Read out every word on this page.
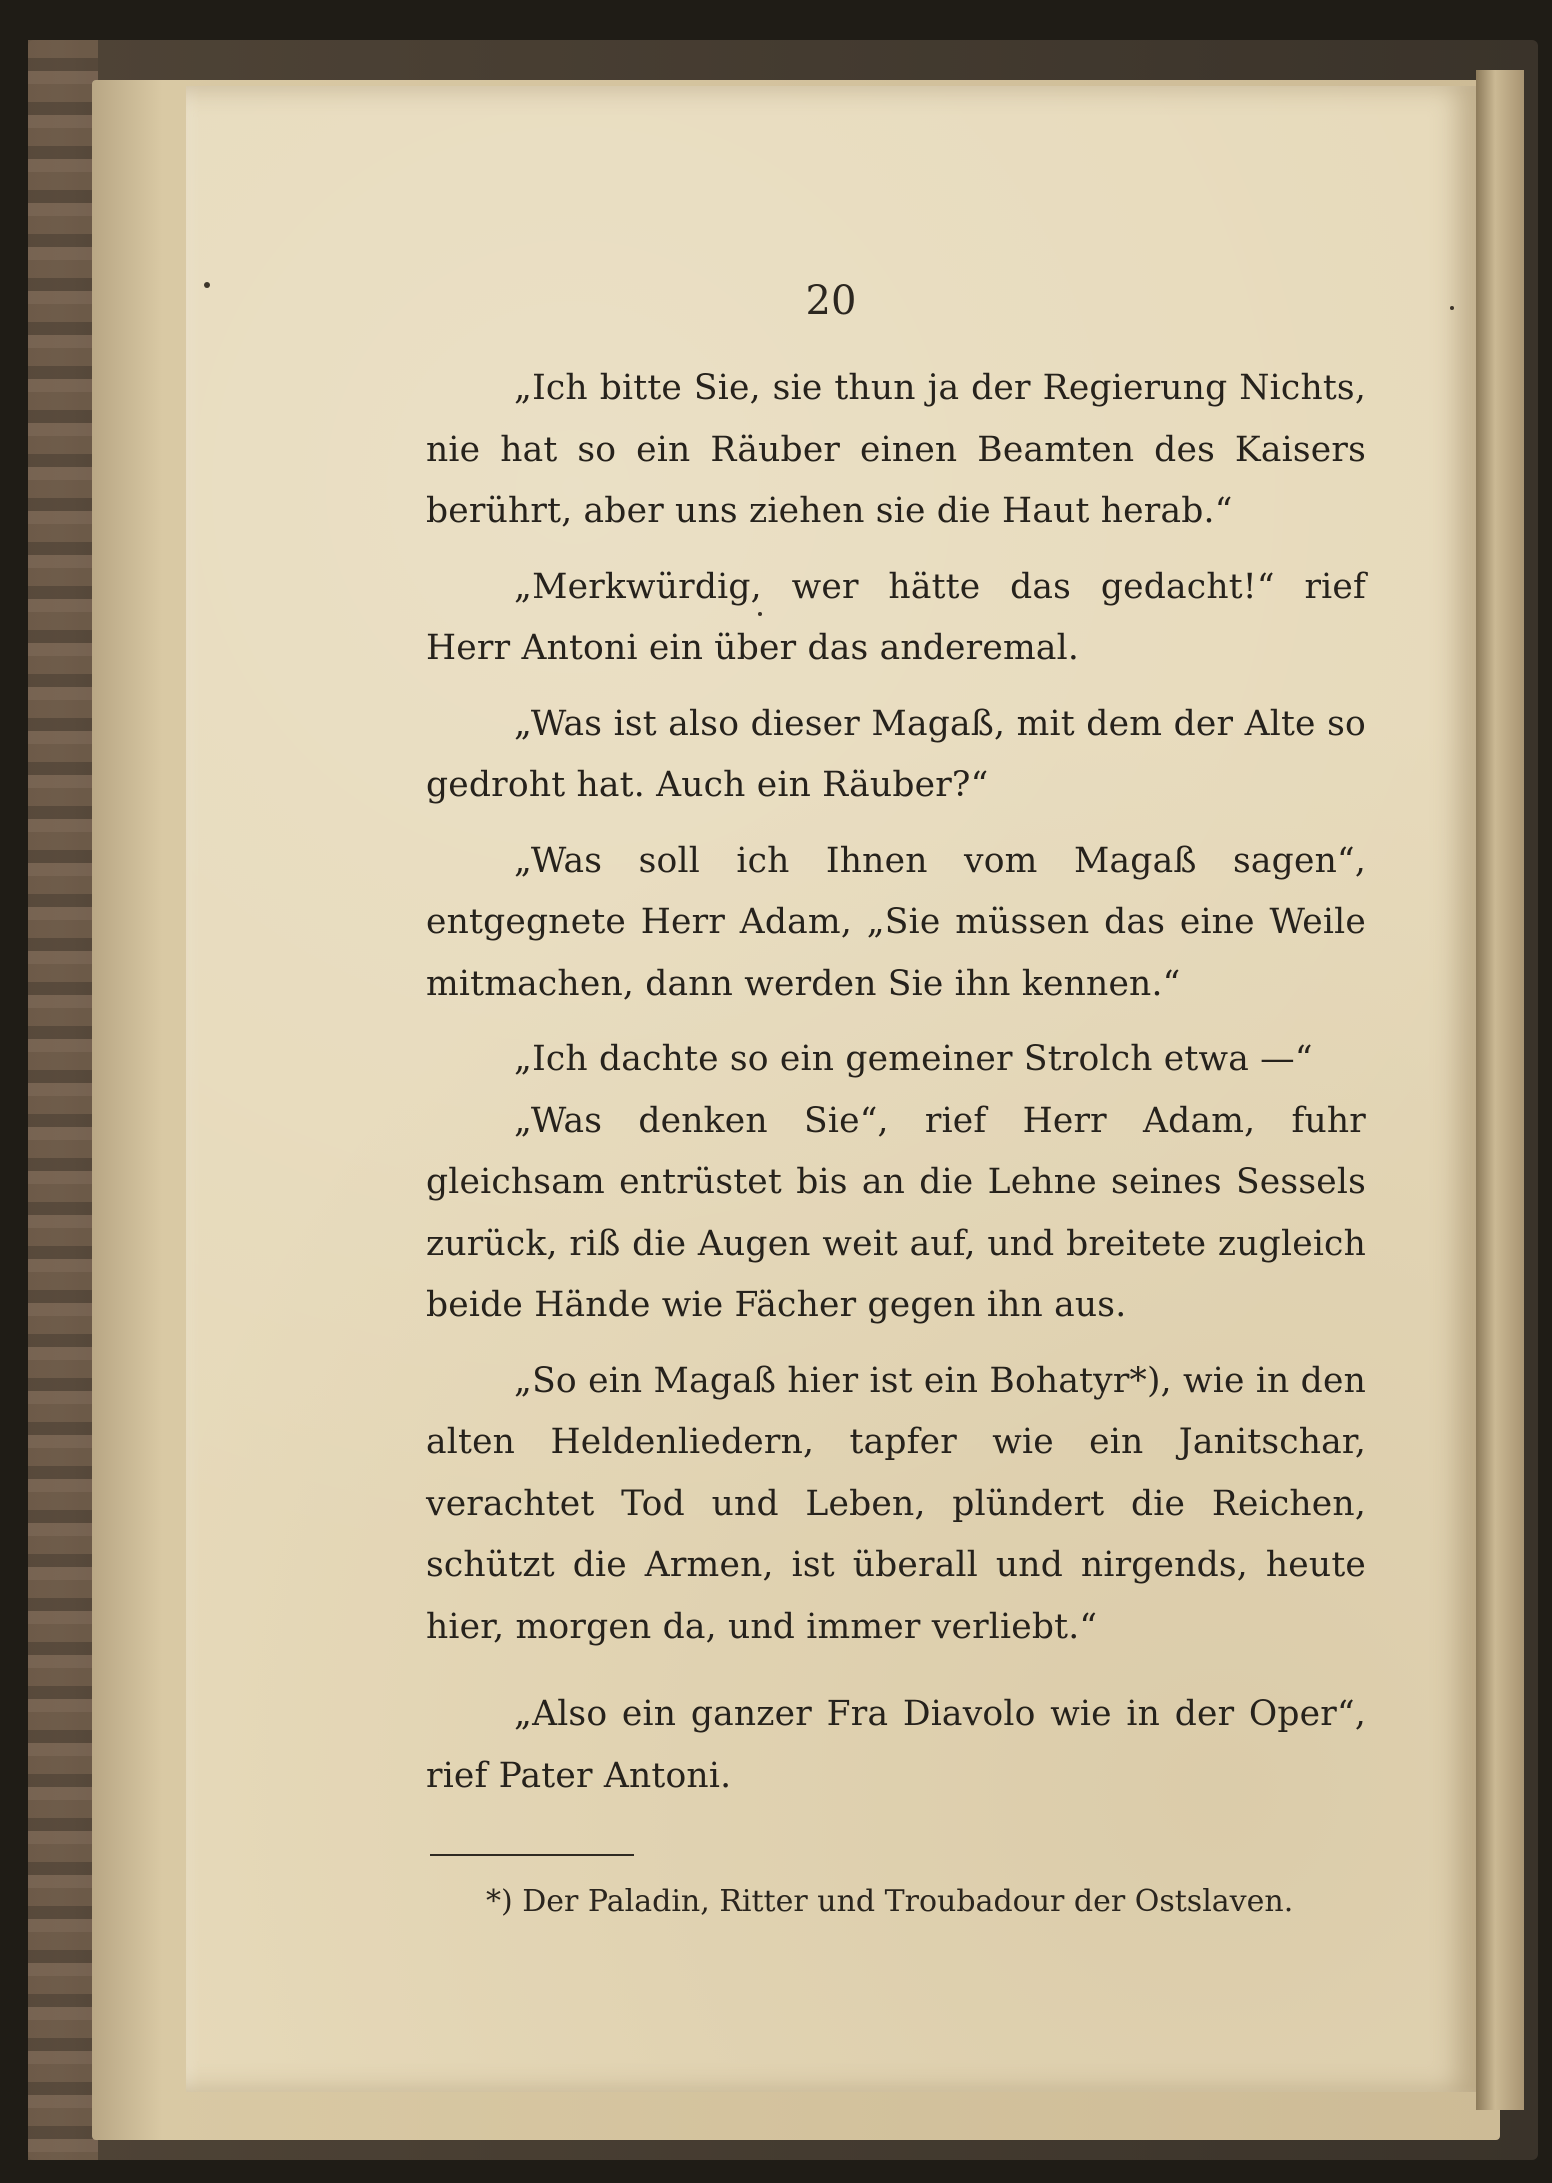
20

„Ich bitte Sie, sie thun ja der Regierung Nichts, nie hat so ein Räuber einen Beamten des Kaisers berührt, aber uns ziehen sie die Haut herab.“

„Merkwürdig, wer hätte das gedacht!“ rief Herr Antoni ein über das anderemal.

„Was ist also dieser Magaß, mit dem der Alte so gedroht hat. Auch ein Räuber?“

„Was soll ich Ihnen vom Magaß sagen“, entgegnete Herr Adam, „Sie müssen das eine Weile mitmachen, dann werden Sie ihn kennen.“

„Ich dachte so ein gemeiner Strolch etwa —“

„Was denken Sie“, rief Herr Adam, fuhr gleichsam entrüstet bis an die Lehne seines Sessels zurück, riß die Augen weit auf, und breitete zugleich beide Hände wie Fächer gegen ihn aus.

„So ein Magaß hier ist ein Bohatyr*), wie in den alten Heldenliedern, tapfer wie ein Janitschar, verachtet Tod und Leben, plündert die Reichen, schützt die Armen, ist überall und nirgends, heute hier, morgen da, und immer verliebt.“

„Also ein ganzer Fra Diavolo wie in der Oper“, rief Pater Antoni.

*) Der Paladin, Ritter und Troubadour der Ostslaven.
